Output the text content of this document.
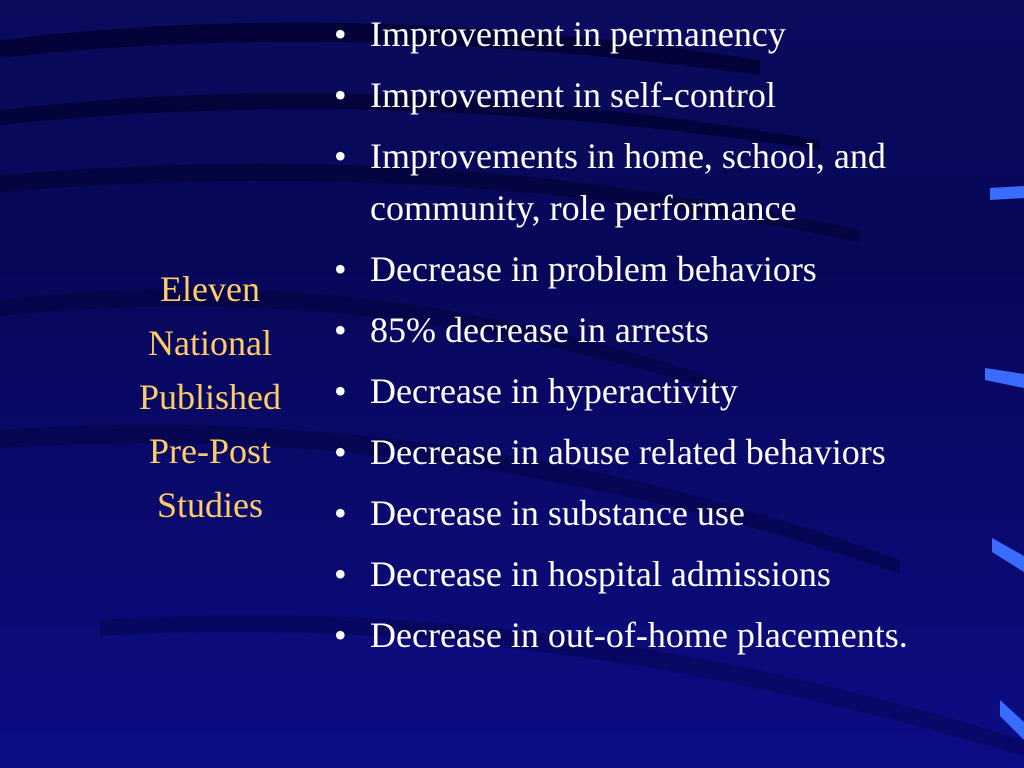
Eleven
National
Published
Pre-Post
Studies
• Improvement in permanency
• Improvement in self-control
• Improvements in home, school, and community, role performance
• Decrease in problem behaviors
• 85% decrease in arrests
• Decrease in hyperactivity
• Decrease in abuse related behaviors
• Decrease in substance use
• Decrease in hospital admissions
• Decrease in out-of-home placements.
